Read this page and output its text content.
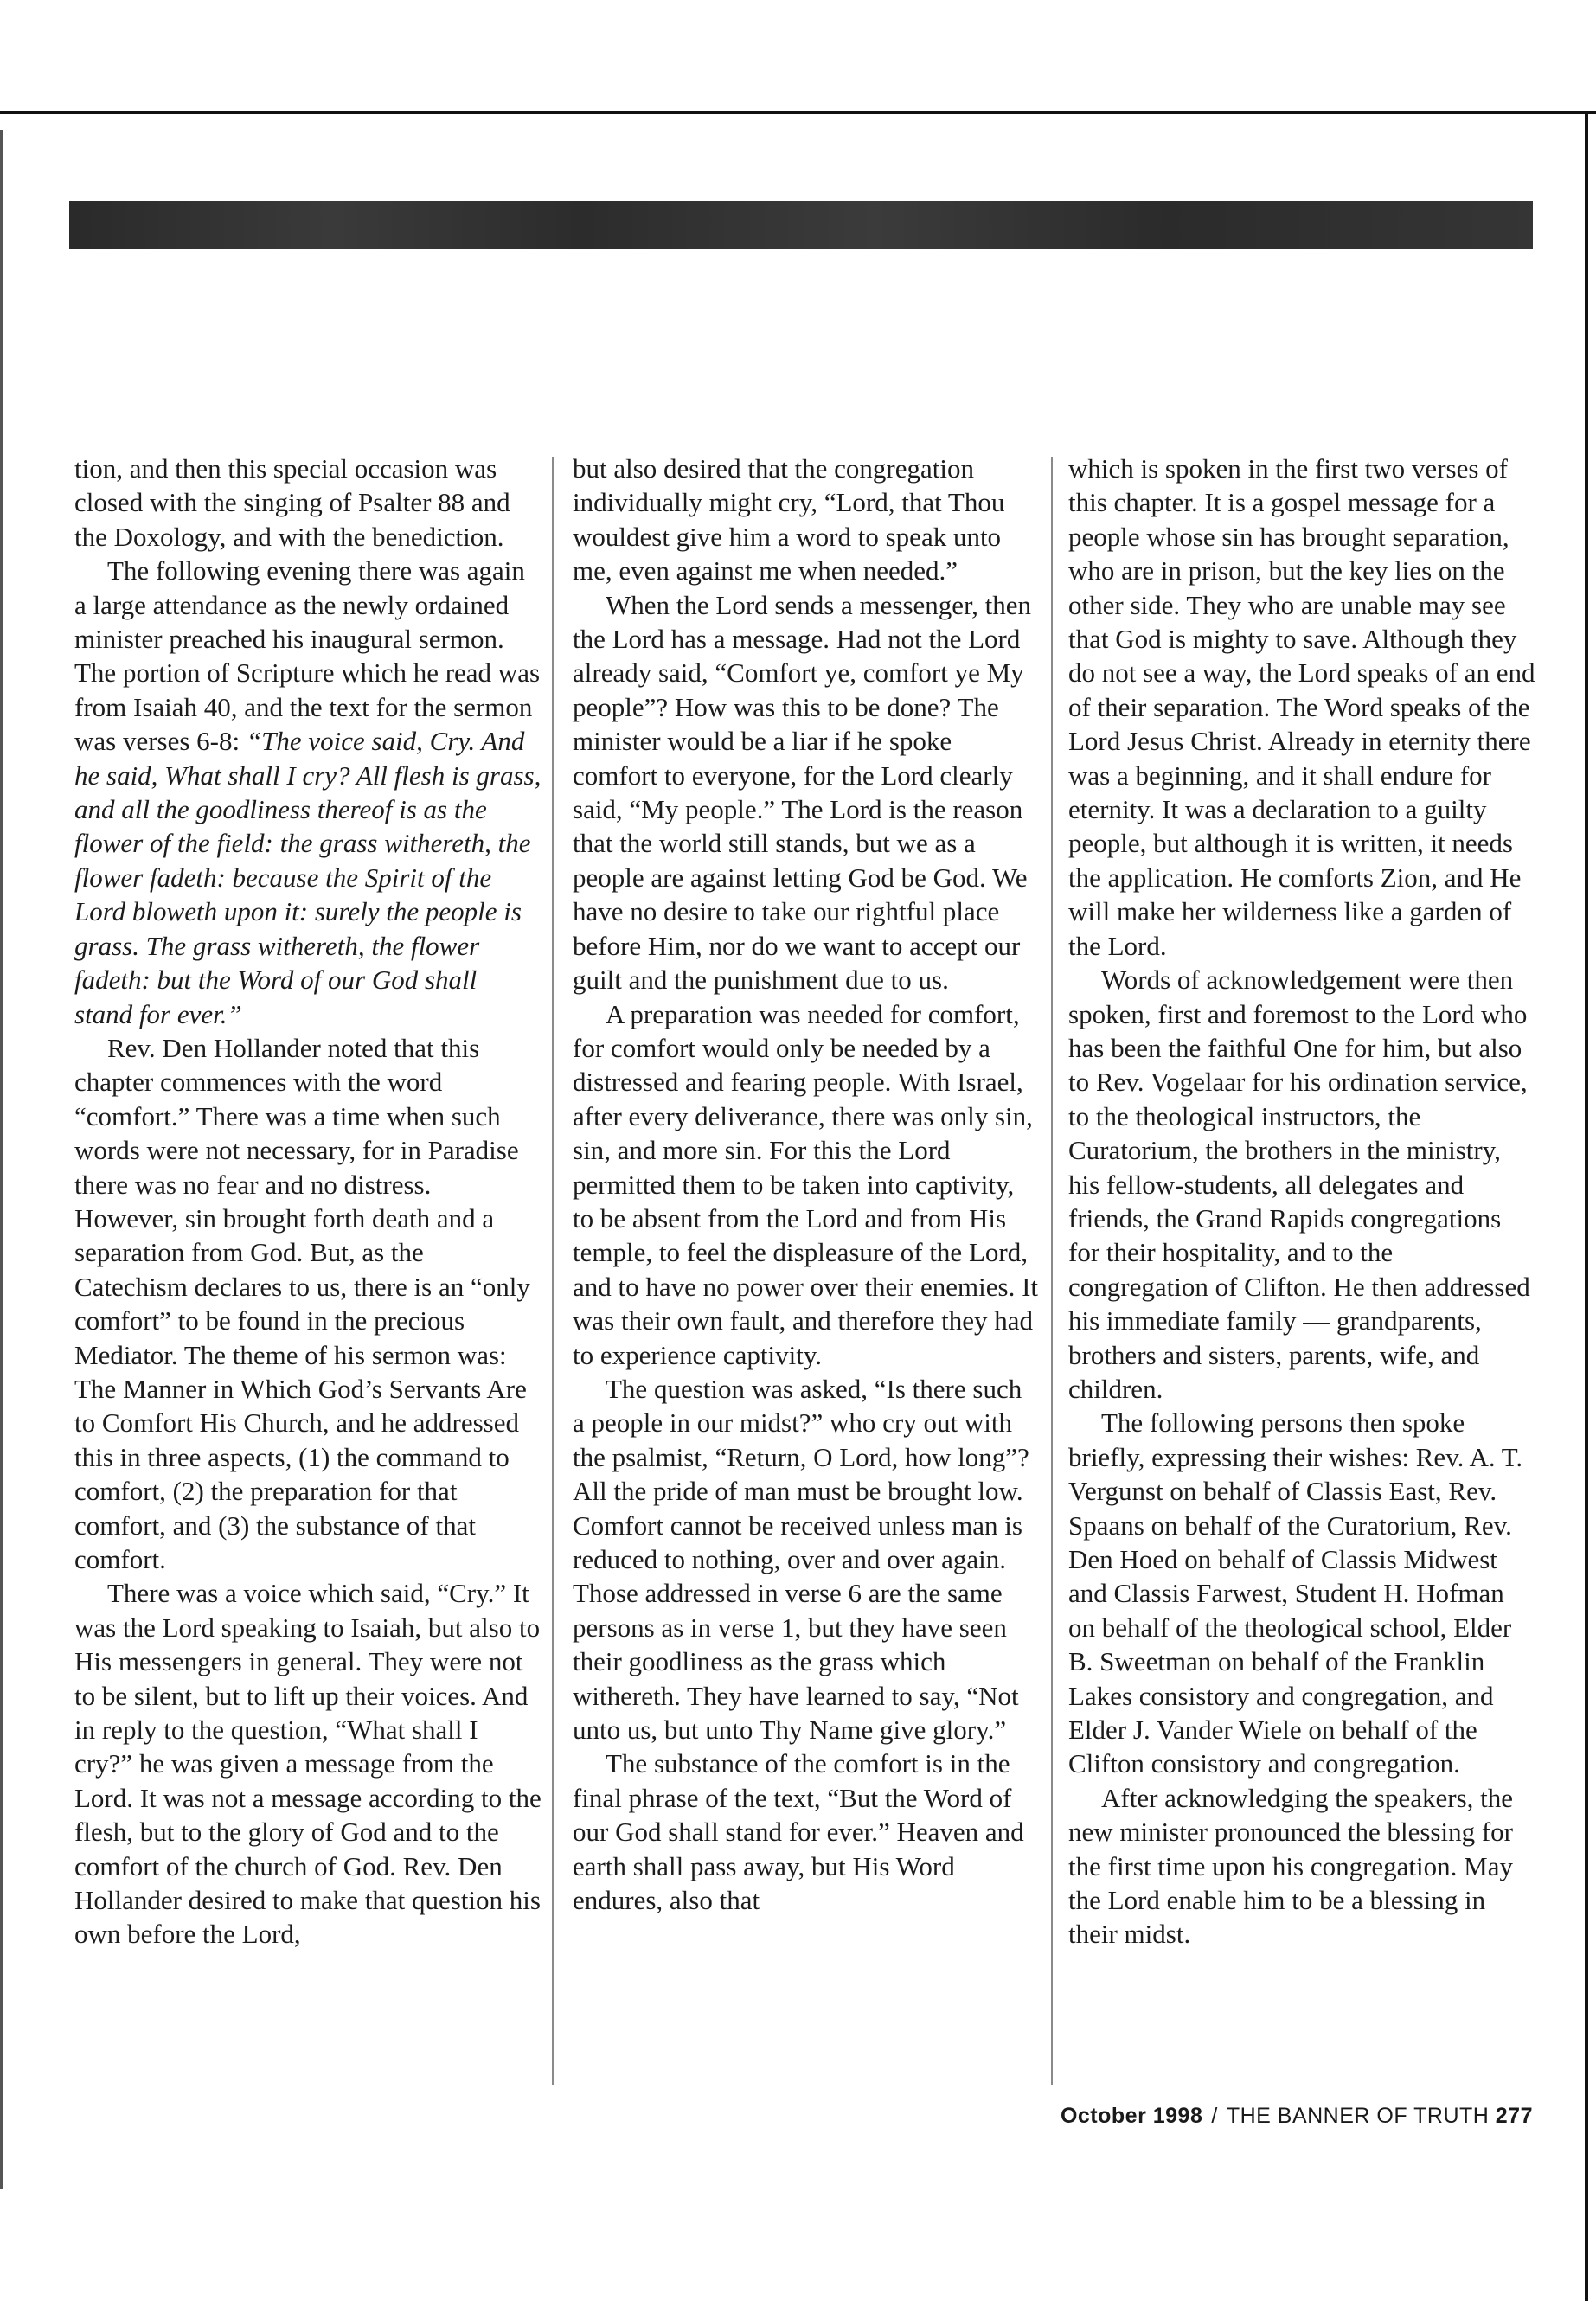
tion, and then this special occasion was closed with the singing of Psalter 88 and the Doxology, and with the benediction.

The following evening there was again a large attendance as the newly ordained minister preached his inaugural sermon. The portion of Scripture which he read was from Isaiah 40, and the text for the sermon was verses 6-8: “The voice said, Cry. And he said, What shall I cry? All flesh is grass, and all the goodliness thereof is as the flower of the field: the grass withereth, the flower fadeth: because the Spirit of the Lord bloweth upon it: surely the people is grass. The grass withereth, the flower fadeth: but the Word of our God shall stand for ever.”

Rev. Den Hollander noted that this chapter commences with the word “comfort.” There was a time when such words were not necessary, for in Paradise there was no fear and no distress. However, sin brought forth death and a separation from God. But, as the Catechism declares to us, there is an “only comfort” to be found in the precious Mediator. The theme of his sermon was: The Manner in Which God’s Servants Are to Comfort His Church, and he addressed this in three aspects, (1) the command to comfort, (2) the preparation for that comfort, and (3) the substance of that comfort.

There was a voice which said, “Cry.” It was the Lord speaking to Isaiah, but also to His messengers in general. They were not to be silent, but to lift up their voices. And in reply to the question, “What shall I cry?” he was given a message from the Lord. It was not a message according to the flesh, but to the glory of God and to the comfort of the church of God. Rev. Den Hollander desired to make that question his own before the Lord,

but also desired that the congregation individually might cry, “Lord, that Thou wouldest give him a word to speak unto me, even against me when needed.”

When the Lord sends a messenger, then the Lord has a message. Had not the Lord already said, “Comfort ye, comfort ye My people”? How was this to be done? The minister would be a liar if he spoke comfort to everyone, for the Lord clearly said, “My people.” The Lord is the reason that the world still stands, but we as a people are against letting God be God. We have no desire to take our rightful place before Him, nor do we want to accept our guilt and the punishment due to us.

A preparation was needed for comfort, for comfort would only be needed by a distressed and fearing people. With Israel, after every deliverance, there was only sin, sin, and more sin. For this the Lord permitted them to be taken into captivity, to be absent from the Lord and from His temple, to feel the displeasure of the Lord, and to have no power over their enemies. It was their own fault, and therefore they had to experience captivity.

The question was asked, “Is there such a people in our midst?” who cry out with the psalmist, “Return, O Lord, how long”? All the pride of man must be brought low. Comfort cannot be received unless man is reduced to nothing, over and over again. Those addressed in verse 6 are the same persons as in verse 1, but they have seen their goodliness as the grass which withereth. They have learned to say, “Not unto us, but unto Thy Name give glory.”

The substance of the comfort is in the final phrase of the text, “But the Word of our God shall stand for ever.” Heaven and earth shall pass away, but His Word endures, also that

which is spoken in the first two verses of this chapter. It is a gospel message for a people whose sin has brought separation, who are in prison, but the key lies on the other side. They who are unable may see that God is mighty to save. Although they do not see a way, the Lord speaks of an end of their separation. The Word speaks of the Lord Jesus Christ. Already in eternity there was a beginning, and it shall endure for eternity. It was a declaration to a guilty people, but although it is written, it needs the application. He comforts Zion, and He will make her wilderness like a garden of the Lord.

Words of acknowledgement were then spoken, first and foremost to the Lord who has been the faithful One for him, but also to Rev. Vogelaar for his ordination service, to the theological instructors, the Curatorium, the brothers in the ministry, his fellow-students, all delegates and friends, the Grand Rapids congregations for their hospitality, and to the congregation of Clifton. He then addressed his immediate family — grandparents, brothers and sisters, parents, wife, and children.

The following persons then spoke briefly, expressing their wishes: Rev. A. T. Vergunst on behalf of Classis East, Rev. Spaans on behalf of the Curatorium, Rev. Den Hoed on behalf of Classis Midwest and Classis Farwest, Student H. Hofman on behalf of the theological school, Elder B. Sweetman on behalf of the Franklin Lakes consistory and congregation, and Elder J. Vander Wiele on behalf of the Clifton consistory and congregation.

After acknowledging the speakers, the new minister pronounced the blessing for the first time upon his congregation. May the Lord enable him to be a blessing in their midst.

October 1998 / THE BANNER OF TRUTH 277
